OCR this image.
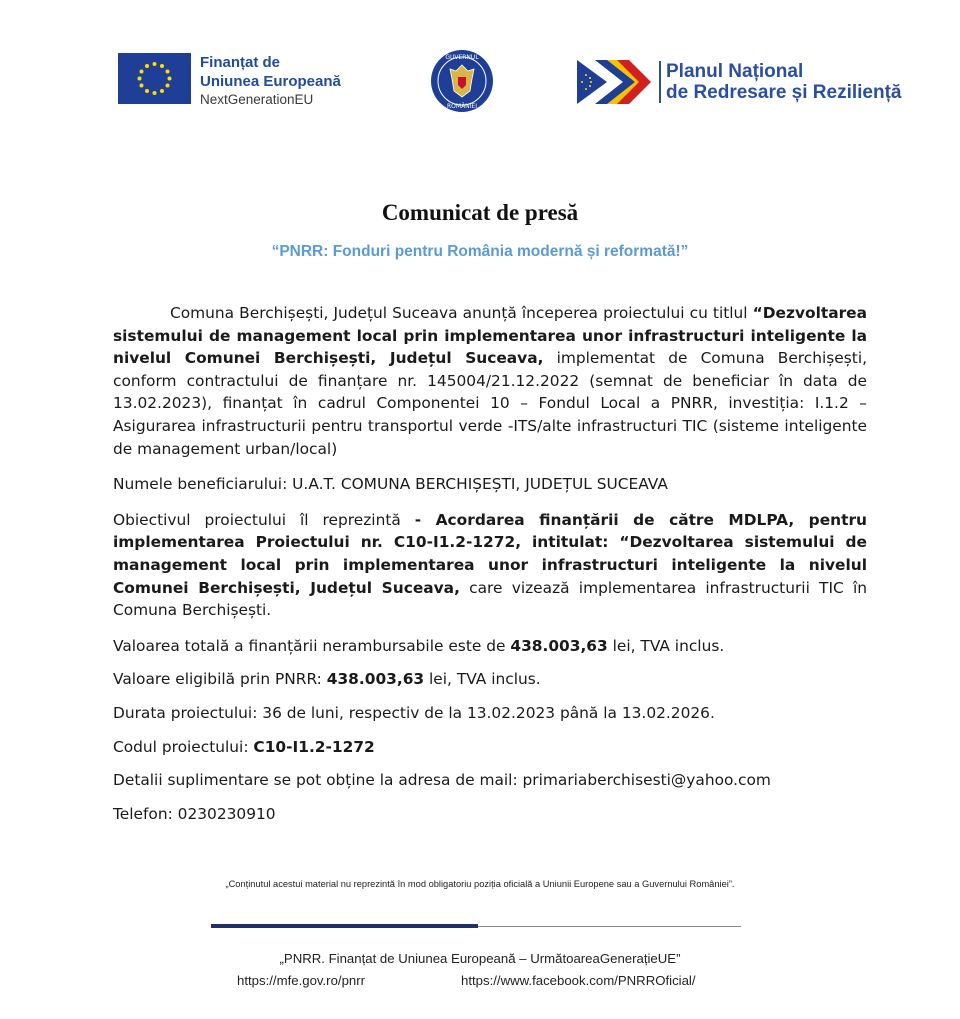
Finanțat de
Uniunea Europeană
NextGenerationEU
GUVERNUL
ROMÂNIEI
Planul Național
de Redresare și Reziliență
Comunicat de presă
“PNRR: Fonduri pentru România modernă și reformată!”

Comuna Berchișești, Județul Suceava anunță începerea proiectului cu titlul “Dezvoltarea sistemului de management local prin implementarea unor infrastructuri inteligente la nivelul Comunei Berchișești, Județul Suceava, implementat de Comuna Berchișești, conform contractului de finanțare nr. 145004/21.12.2022 (semnat de beneficiar în data de 13.02.2023), finanțat în cadrul Componentei 10 – Fondul Local a PNRR, investiția: I.1.2 – Asigurarea infrastructurii pentru transportul verde -ITS/alte infrastructuri TIC (sisteme inteligente de management urban/local)

Numele beneficiarului: U.A.T. COMUNA BERCHIȘEȘTI, JUDEȚUL SUCEAVA

Obiectivul proiectului îl reprezintă - Acordarea finanțării de către MDLPA, pentru implementarea Proiectului nr. C10-I1.2-1272, intitulat: “Dezvoltarea sistemului de management local prin implementarea unor infrastructuri inteligente la nivelul Comunei Berchișești, Județul Suceava, care vizează implementarea infrastructurii TIC în Comuna Berchișești.

Valoarea totală a finanțării nerambursabile este de 438.003,63 lei, TVA inclus.

Valoare eligibilă prin PNRR: 438.003,63 lei, TVA inclus.

Durata proiectului: 36 de luni, respectiv de la 13.02.2023 până la 13.02.2026.

Codul proiectului: C10-I1.2-1272

Detalii suplimentare se pot obține la adresa de mail: primariaberchisesti@yahoo.com

Telefon: 0230230910

„Conținutul acestui material nu reprezintă în mod obligatoriu poziția oficială a Uniunii Europene sau a Guvernului României”.
„PNRR. Finanțat de Uniunea Europeană – UrmătoareaGenerațieUE”
https://mfe.gov.ro/pnrr	https://www.facebook.com/PNRROficial/
